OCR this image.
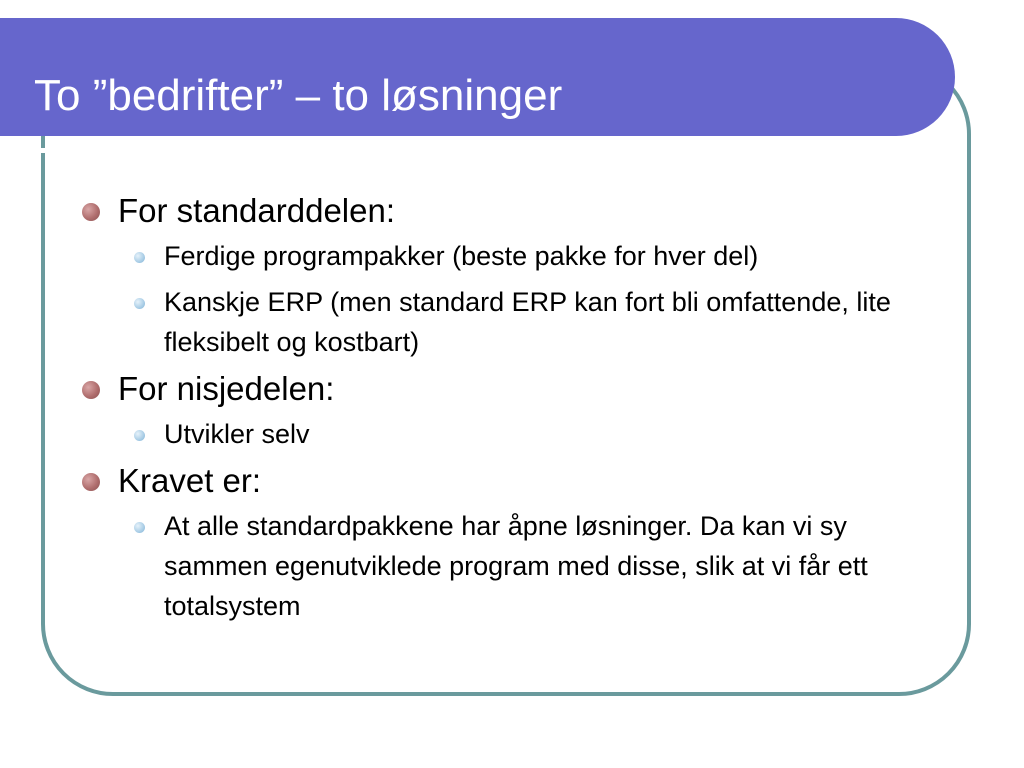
To ”bedrifter” – to løsninger
For standarddelen:
Ferdige programpakker (beste pakke for hver del)
Kanskje ERP (men standard ERP kan fort bli omfattende, lite fleksibelt og kostbart)
For nisjedelen:
Utvikler selv
Kravet er:
At alle standardpakkene har åpne løsninger. Da kan vi sy sammen egenutviklede program med disse, slik at vi får ett totalsystem
